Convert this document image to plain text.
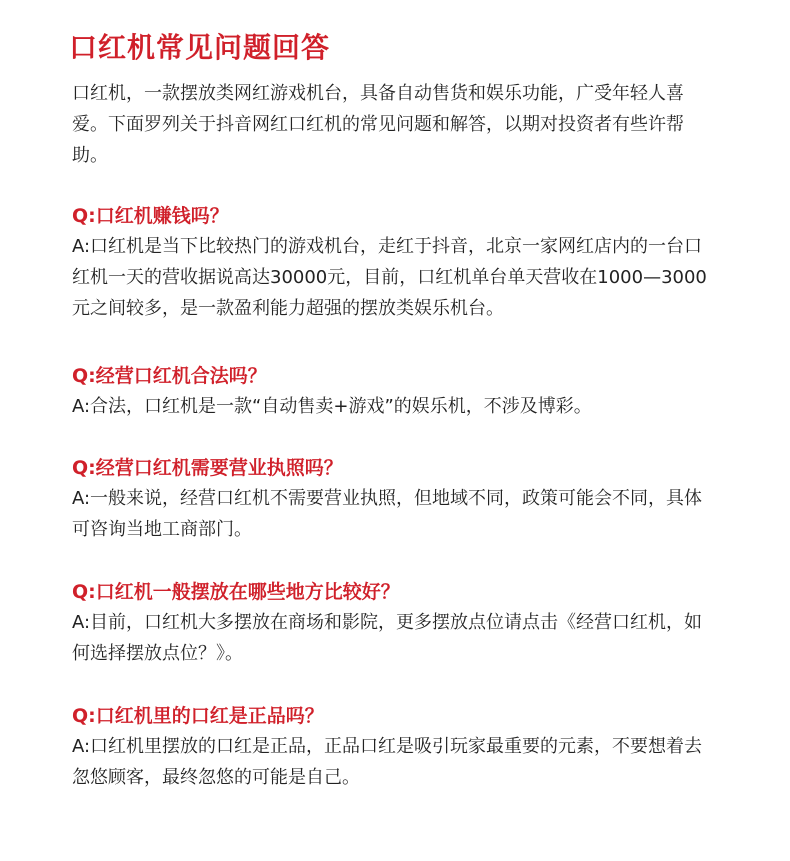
口红机常见问题回答

口红机，一款摆放类网红游戏机台，具备自动售货和娱乐功能，广受年轻人喜爱。下面罗列关于抖音网红口红机的常见问题和解答，以期对投资者有些许帮助。

Q:口红机赚钱吗？

A:口红机是当下比较热门的游戏机台，走红于抖音，北京一家网红店内的一台口红机一天的营收据说高达30000元，目前，口红机单台单天营收在1000—3000元之间较多，是一款盈利能力超强的摆放类娱乐机台。

Q:经营口红机合法吗？

A:合法，口红机是一款“自动售卖+游戏”的娱乐机，不涉及博彩。

Q:经营口红机需要营业执照吗？

A:一般来说，经营口红机不需要营业执照，但地域不同，政策可能会不同，具体可咨询当地工商部门。

Q:口红机一般摆放在哪些地方比较好？

A:目前，口红机大多摆放在商场和影院，更多摆放点位请点击《经营口红机，如何选择摆放点位？》。

Q:口红机里的口红是正品吗？

A:口红机里摆放的口红是正品，正品口红是吸引玩家最重要的元素，不要想着去忽悠顾客，最终忽悠的可能是自己。
